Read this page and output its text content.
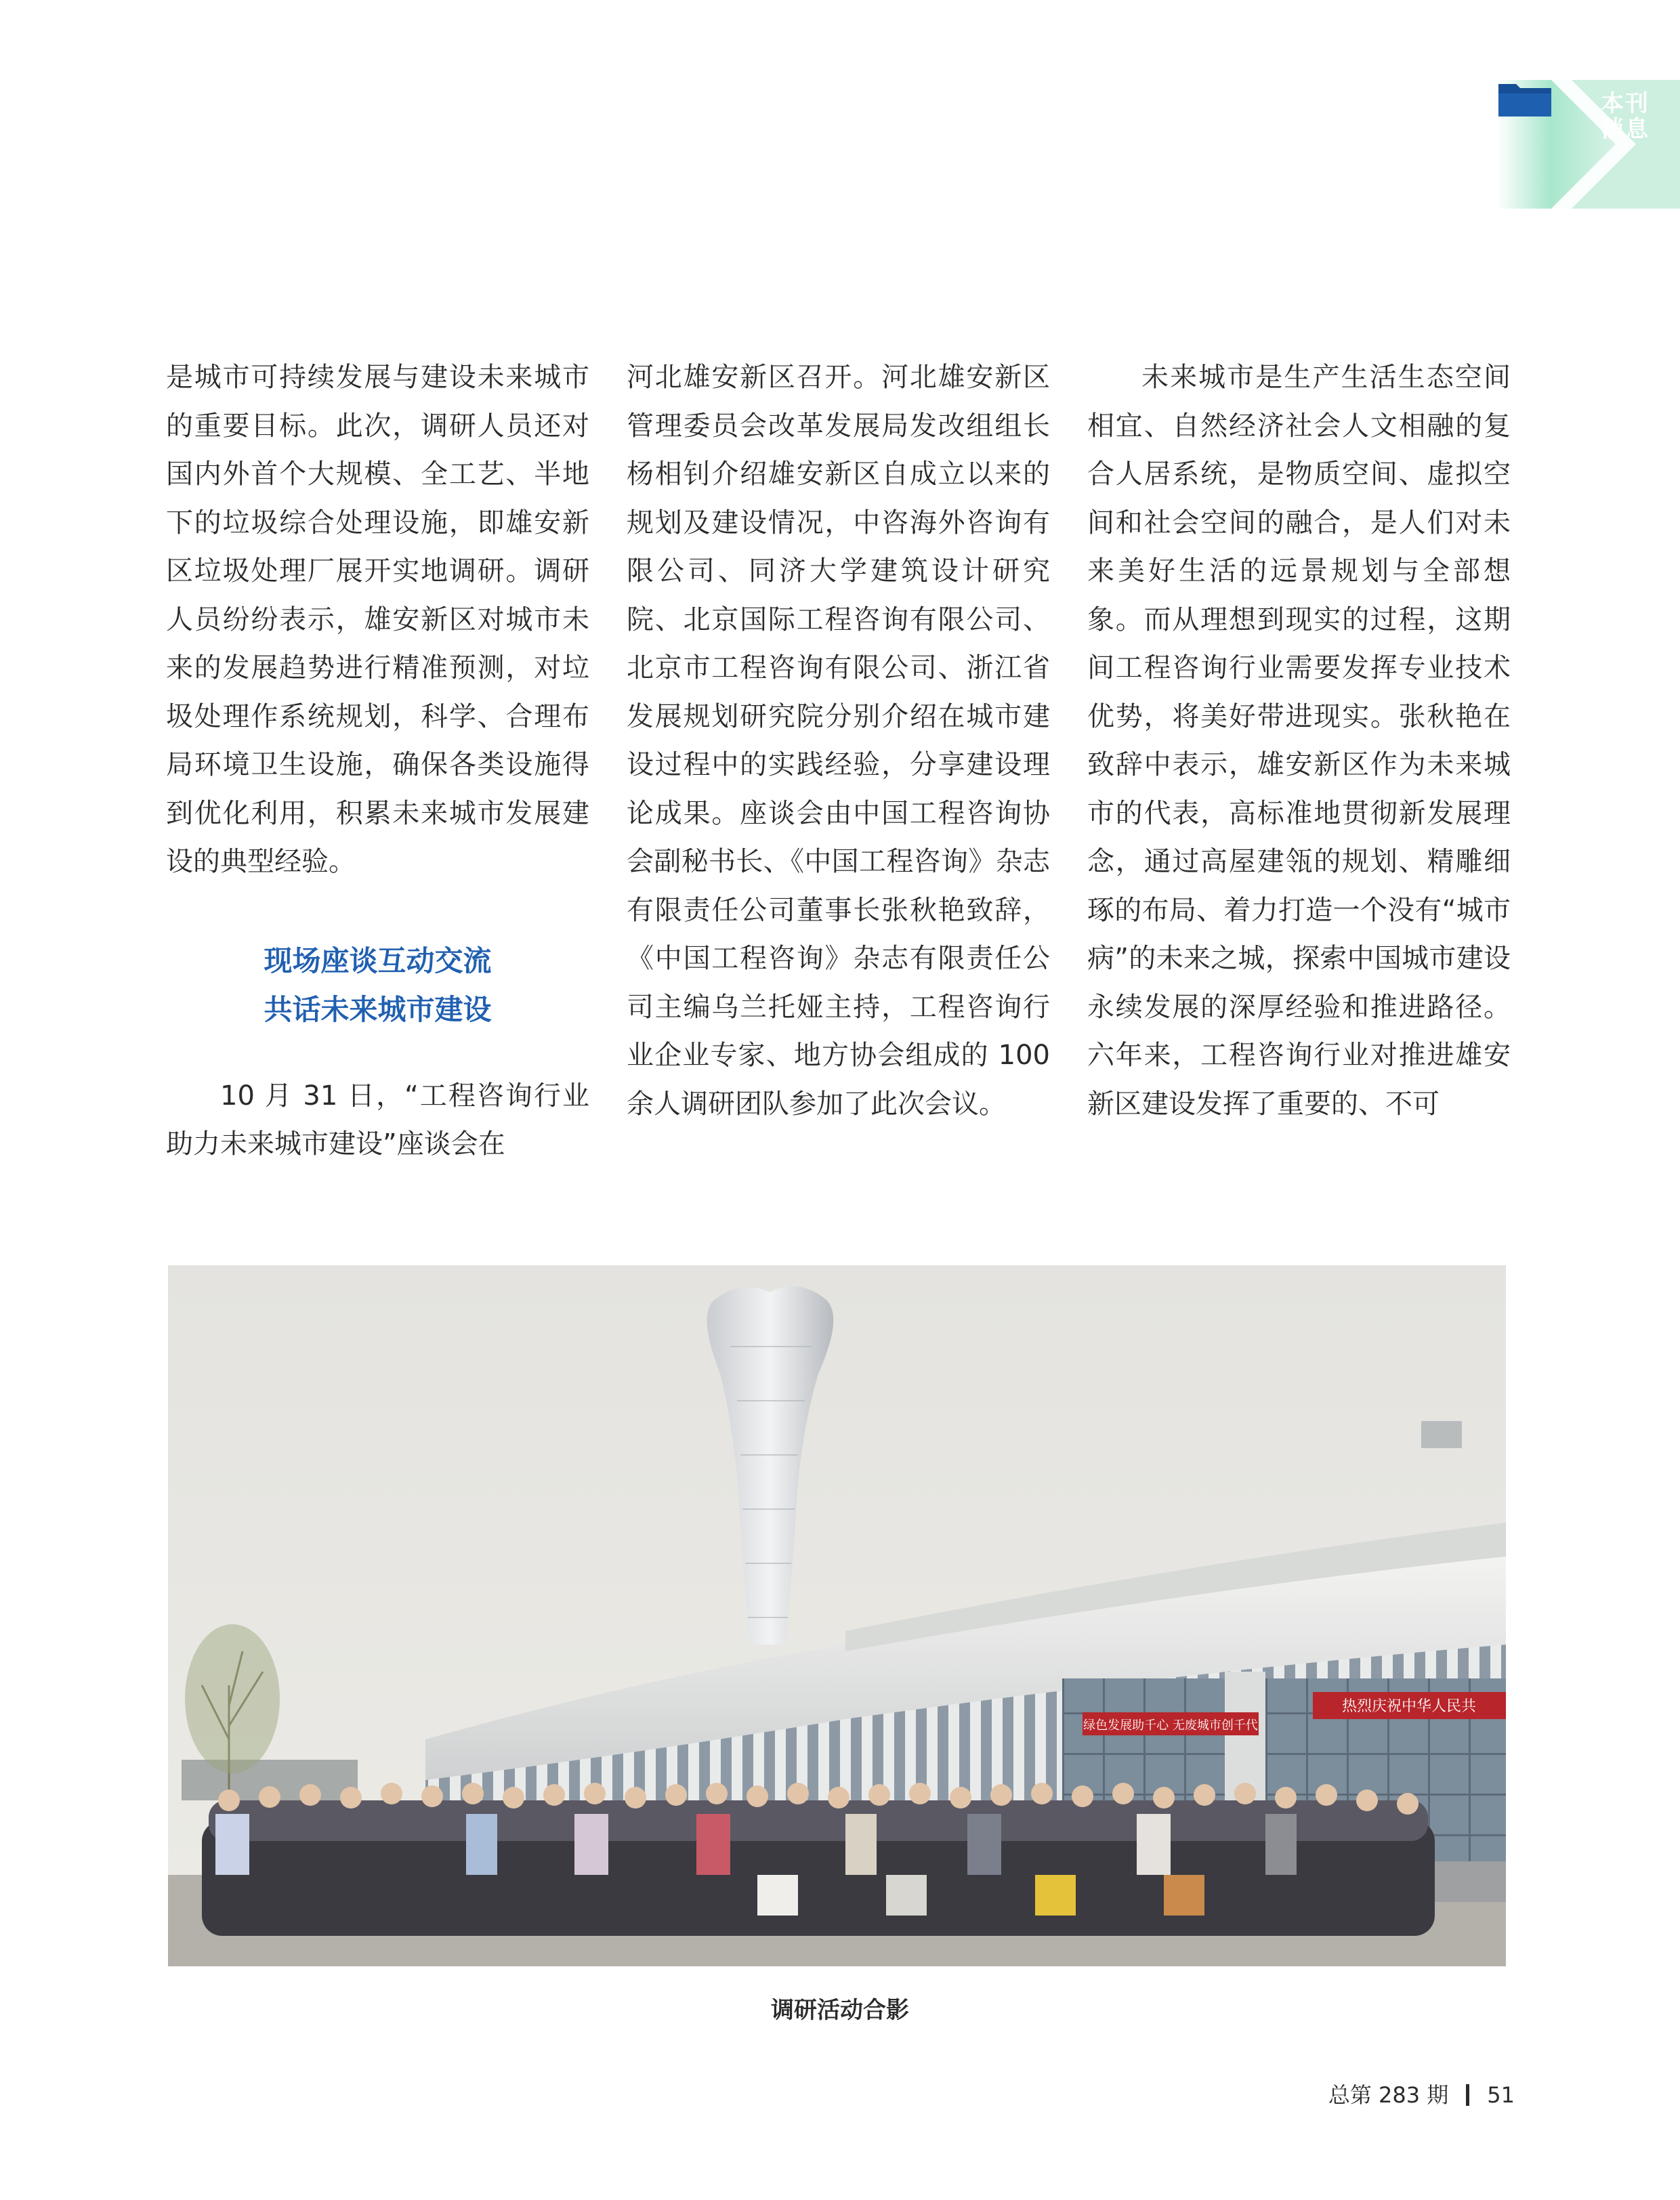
本刊
消息

是城市可持续发展与建设未来城市的重要目标。此次，调研人员还对国内外首个大规模、全工艺、半地下的垃圾综合处理设施，即雄安新区垃圾处理厂展开实地调研。调研人员纷纷表示，雄安新区对城市未来的发展趋势进行精准预测，对垃圾处理作系统规划，科学、合理布局环境卫生设施，确保各类设施得到优化利用，积累未来城市发展建设的典型经验。

现场座谈互动交流
共话未来城市建设

10 月 31 日，“工程咨询行业助力未来城市建设”座谈会在

河北雄安新区召开。河北雄安新区管理委员会改革发展局发改组组长杨相钊介绍雄安新区自成立以来的规划及建设情况，中咨海外咨询有限公司、同济大学建筑设计研究院、北京国际工程咨询有限公司、北京市工程咨询有限公司、浙江省发展规划研究院分别介绍在城市建设过程中的实践经验，分享建设理论成果。座谈会由中国工程咨询协会副秘书长、《中国工程咨询》杂志有限责任公司董事长张秋艳致辞，《中国工程咨询》杂志有限责任公司主编乌兰托娅主持，工程咨询行业企业专家、地方协会组成的 100 余人调研团队参加了此次会议。

未来城市是生产生活生态空间相宜、自然经济社会人文相融的复合人居系统，是物质空间、虚拟空间和社会空间的融合，是人们对未来美好生活的远景规划与全部想象。而从理想到现实的过程，这期间工程咨询行业需要发挥专业技术优势，将美好带进现实。张秋艳在致辞中表示，雄安新区作为未来城市的代表，高标准地贯彻新发展理念，通过高屋建瓴的规划、精雕细琢的布局、着力打造一个没有“城市病”的未来之城，探索中国城市建设永续发展的深厚经验和推进路径。六年来，工程咨询行业对推进雄安新区建设发挥了重要的、不可

绿色发展助千心 无废城市创千代
热烈庆祝中华人民共
调研活动合影
总第 283 期 51
